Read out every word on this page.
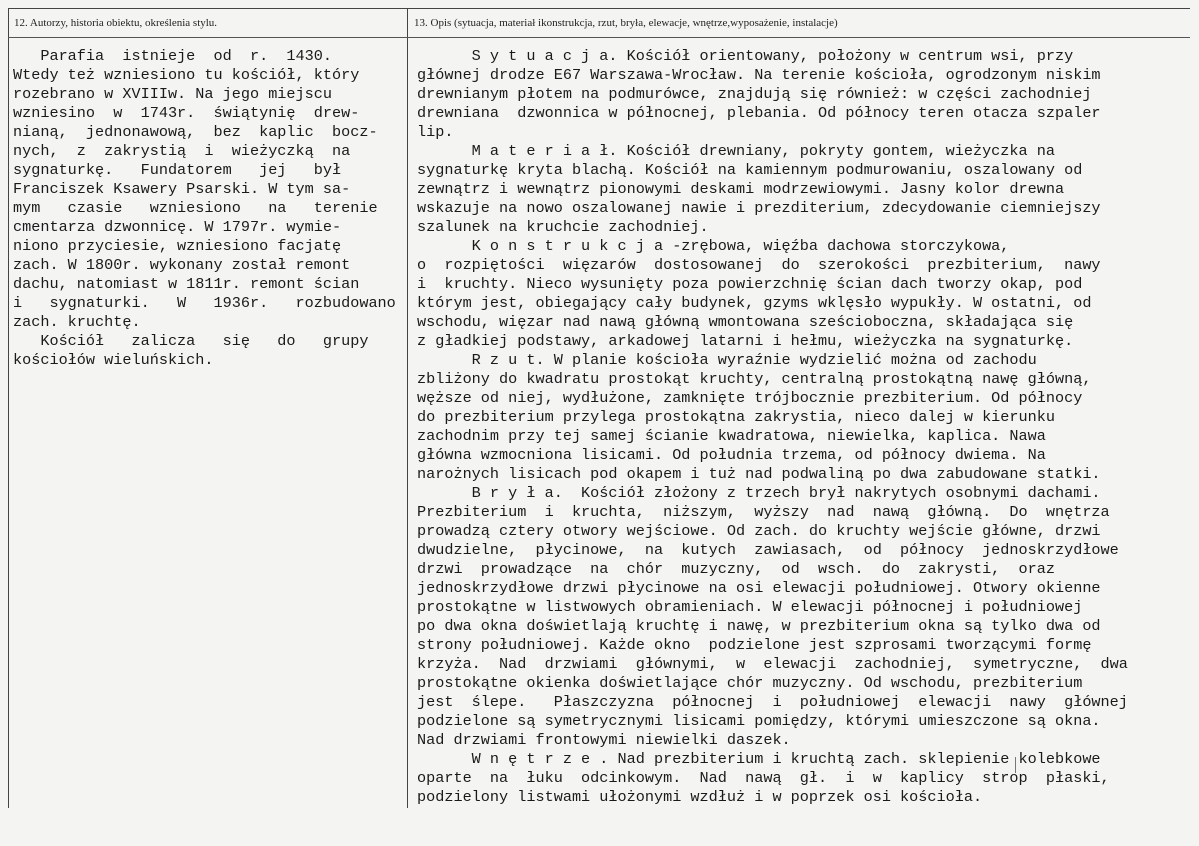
12. Autorzy, historia obiektu, określenia stylu.	13. Opis (sytuacja, materiał ikonstrukcja, rzut, bryła, elewacje, wnętrze,wyposażenie, instalacje)
Parafia  istnieje  od  r.  1430.
Wtedy też wzniesiono tu kościół, który
rozebrano w XVIIIw. Na jego miejscu
wzniesino  w  1743r.  świątynię  drew-
nianą,  jednonawową,  bez  kaplic  bocz-
nych,  z  zakrystią  i  wieżyczką  na
sygnaturkę.   Fundatorem   jej   był
Franciszek Ksawery Psarski. W tym sa-
mym   czasie   wzniesiono   na   terenie
cmentarza dzwonnicę. W 1797r. wymie-
niono przyciesie, wzniesiono facjatę
zach. W 1800r. wykonany został remont
dachu, natomiast w 1811r. remont ścian
i   sygnaturki.   W   1936r.   rozbudowano
zach. kruchtę.
Kościół   zalicza   się   do   grupy
kościołów wieluńskich.
S y t u a c j a. Kościół orientowany, położony w centrum wsi, przy
głównej drodze E67 Warszawa-Wrocław. Na terenie kościoła, ogrodzonym niskim
drewnianym płotem na podmurówce, znajdują się również: w części zachodniej
drewniana  dzwonnica w północnej, plebania. Od północy teren otacza szpaler
lip.
M a t e r i a ł. Kościół drewniany, pokryty gontem, wieżyczka na
sygnaturkę kryta blachą. Kościół na kamiennym podmurowaniu, oszalowany od
zewnątrz i wewnątrz pionowymi deskami modrzewiowymi. Jasny kolor drewna
wskazuje na nowo oszalowanej nawie i prezditerium, zdecydowanie ciemniejszy
szalunek na kruchcie zachodniej.
K o n s t r u k c j a -zrębowa, więźba dachowa storczykowa,
o  rozpiętości  więzarów  dostosowanej  do  szerokości  prezbiterium,  nawy
i  kruchty. Nieco wysunięty poza powierzchnię ścian dach tworzy okap, pod
którym jest, obiegający cały budynek, gzyms wklęsło wypukły. W ostatni, od
wschodu, więzar nad nawą główną wmontowana sześcioboczna, składająca się
z gładkiej podstawy, arkadowej latarni i hełmu, wieżyczka na sygnaturkę.
R z u t. W planie kościoła wyraźnie wydzielić można od zachodu
zbliżony do kwadratu prostokąt kruchty, centralną prostokątną nawę główną,
węższe od niej, wydłużone, zamknięte trójbocznie prezbiterium. Od północy
do prezbiterium przylega prostokątna zakrystia, nieco dalej w kierunku
zachodnim przy tej samej ścianie kwadratowa, niewielka, kaplica. Nawa
główna wzmocniona lisicami. Od południa trzema, od północy dwiema. Na
narożnych lisicach pod okapem i tuż nad podwaliną po dwa zabudowane statki.
B r y ł a.  Kościół złożony z trzech brył nakrytych osobnymi dachami.
Prezbiterium  i  kruchta,  niższym,  wyższy  nad  nawą  główną.  Do  wnętrza
prowadzą cztery otwory wejściowe. Od zach. do kruchty wejście główne, drzwi
dwudzielne,  płycinowe,  na  kutych  zawiasach,  od  północy  jednoskrzydłowe
drzwi  prowadzące  na  chór  muzyczny,  od  wsch.  do  zakrysti,  oraz
jednoskrzydłowe drzwi płycinowe na osi elewacji południowej. Otwory okienne
prostokątne w listwowych obramieniach. W elewacji północnej i południowej
po dwa okna doświetlają kruchtę i nawę, w prezbiterium okna są tylko dwa od
strony południowej. Każde okno  podzielone jest szprosami tworzącymi formę
krzyża.  Nad  drzwiami  głównymi,  w  elewacji  zachodniej,  symetryczne,  dwa
prostokątne okienka doświetlające chór muzyczny. Od wschodu, prezbiterium
jest  ślepe.   Płaszczyzna  północnej  i  południowej  elewacji  nawy  głównej
podzielone są symetrycznymi lisicami pomiędzy, którymi umieszczone są okna.
Nad drzwiami frontowymi niewielki daszek.
W n ę t r z e . Nad prezbiterium i kruchtą zach. sklepienie kolebkowe
oparte  na  łuku  odcinkowym.  Nad  nawą  gł.  i  w  kaplicy  strop  płaski,
podzielony listwami ułożonymi wzdłuż i w poprzek osi kościoła.
